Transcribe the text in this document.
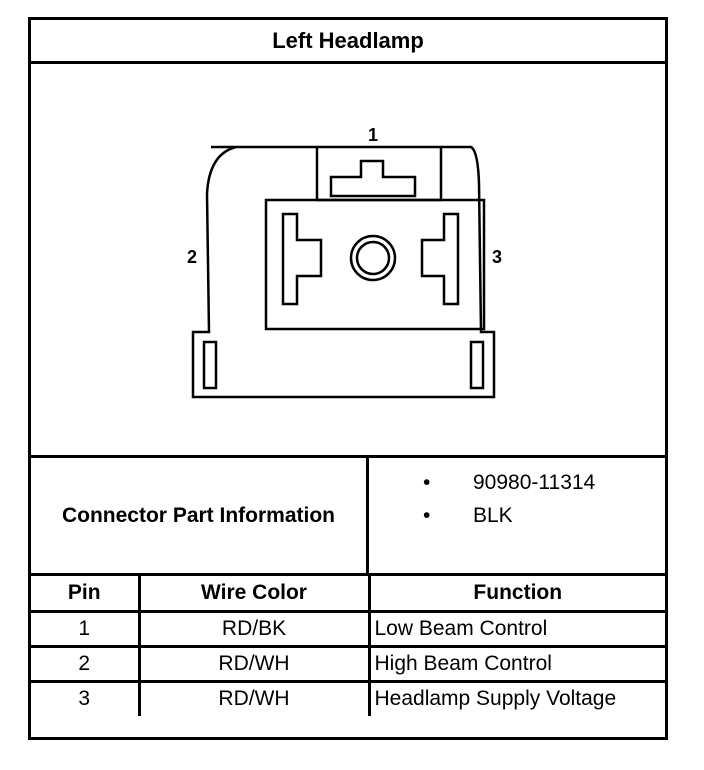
Left Headlamp
1
2	3
Connector Part Information
• 90980-11314
• BLK
Pin	Wire Color	Function
1	RD/BK	Low Beam Control
2	RD/WH	High Beam Control
3	RD/WH	Headlamp Supply Voltage
